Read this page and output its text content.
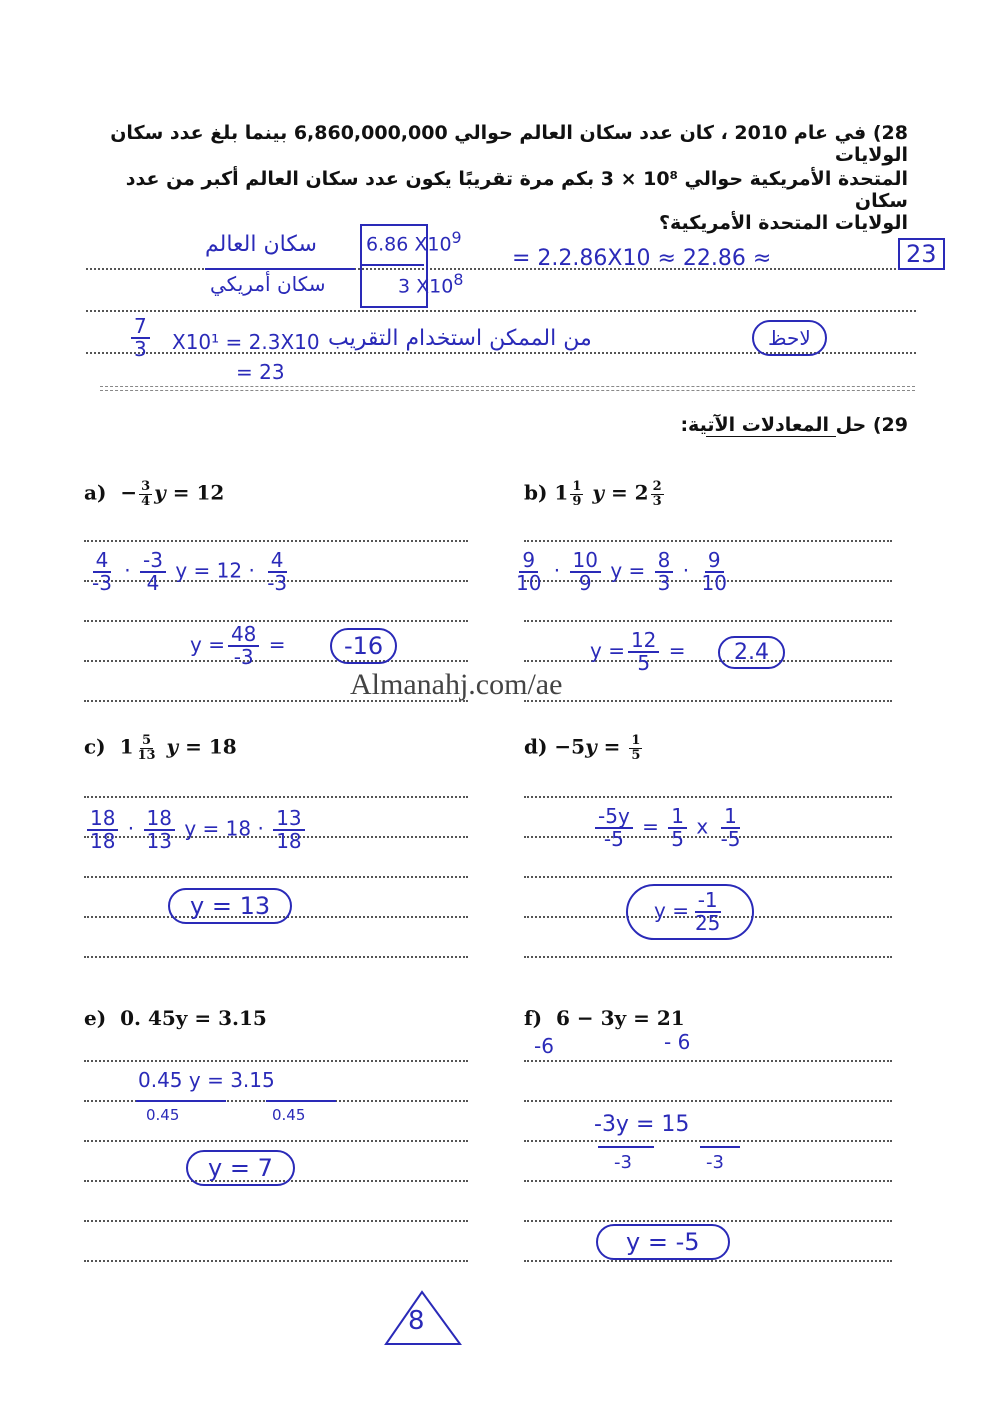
28) في عام 2010 ، كان عدد سكان العالم حوالي 6,860,000,000 بينما بلغ عدد سكان الولايات
المتحدة الأمريكية حوالي 10⁸ × 3 بكم مرة تقريبًا يكون عدد سكان العالم أكبر من عدد سكان
الولايات المتحدة الأمريكية؟
سكان العالم
سكان أمريكي
6.86 $X10^9$
3 $X10^8$
= 2.2.86X10 ≈ 22.86 ≈	23
$\frac{7}{3} X10^1 = 2.3X10$ من الممكن استخدام التقريب	لاحظ
= 23
29) حل المعادلات الآتية:
$a) - \frac{3}{4}$ y = 12
$\frac{4}{-3} \cdot \frac{-3}{4}$ $y = 12 \cdot \frac{4}{-3}$
$y = \frac{48}{-3}$ =	-16
b) $1 \frac{1}{9}$ $y = 2 \frac{2}{3}$
$\frac{9}{10} \cdot \frac{10}{9}$ $y = \frac{8}{3} \cdot \frac{9}{10}$
$y = \frac{12}{5}$ =	2.4
Almanahj.com/ae
c)  $1 \frac{5}{13}$ y = 18
$\frac{18}{18} \cdot \frac{18}{13}$ $y = 18 \cdot \frac{13}{18}$
y = 13
$d) -5y = \frac{1}{5}$
$\frac{-5y}{-5} = \frac{1}{5}$ x $\frac{1}{-5}$
$y = \frac{-1}{25}$
e) 0. 45y = 3.15
0.45 y = 3.15
0.45	0.45
y = 7
f) 6 − 3y = 21
-6	- 6
-3y = 15
-3	-3
y = -5
8
